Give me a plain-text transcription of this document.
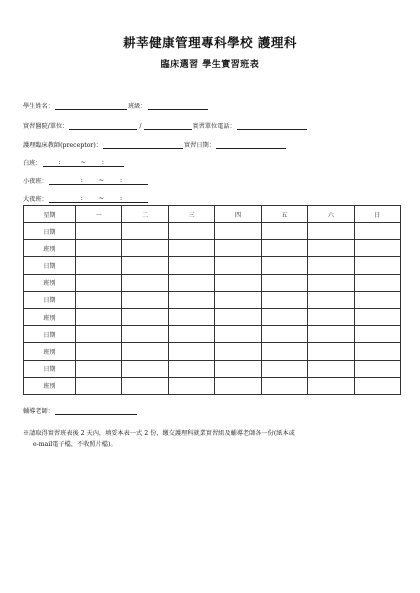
耕莘健康管理專科學校 護理科
臨床選習 學生實習班表
學生姓名：	班級：
實習醫院/單位：	/	實習單位電話：
護理臨床教師(preceptor)：	實習日期：
白班：	:	~	:
小夜班：	:	~	:
大夜班：	:	~	:
星期	一	二	三	四	五	六	日
日期							
班別							
日期							
班別							
日期							
班別							
日期							
班別							
日期							
班別							
輔導老師：
※請取得實習班表後 2 天內，填妥本表一式 2 份，繳交護理科就業實習組及輔導老師各一份(紙本或
e-mail電子檔，不收照片檔)。
